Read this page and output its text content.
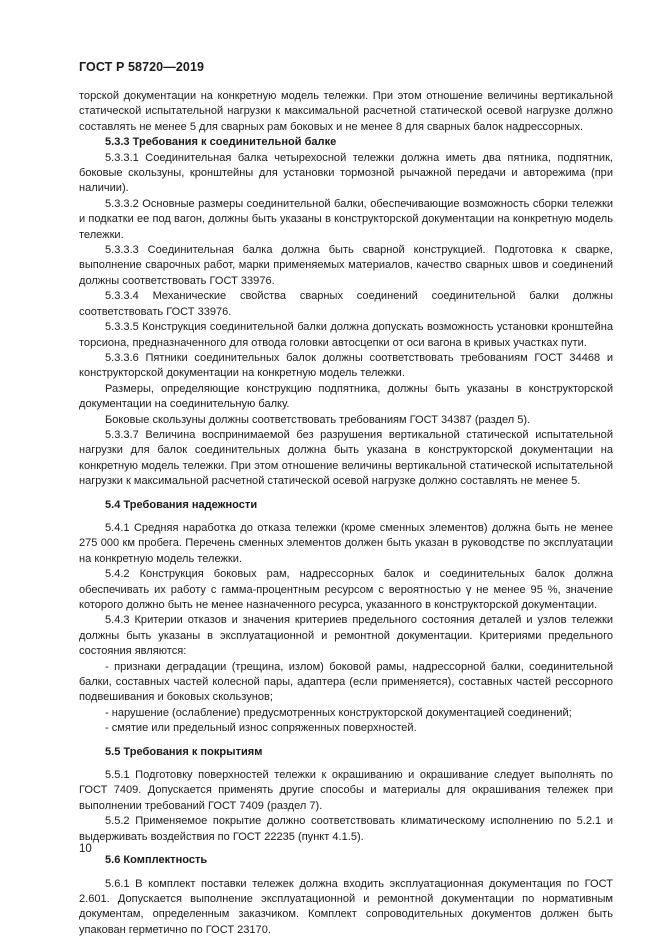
ГОСТ Р 58720—2019

торской документации на конкретную модель тележки. При этом отношение величины вертикальной статической испытательной нагрузки к максимальной расчетной статической осевой нагрузке должно составлять не менее 5 для сварных рам боковых и не менее 8 для сварных балок надрессорных.

5.3.3 Требования к соединительной балке

5.3.3.1 Соединительная балка четырехосной тележки должна иметь два пятника, подпятник, боковые скользуны, кронштейны для установки тормозной рычажной передачи и авторежима (при наличии).

5.3.3.2 Основные размеры соединительной балки, обеспечивающие возможность сборки тележки и подкатки ее под вагон, должны быть указаны в конструкторской документации на конкретную модель тележки.

5.3.3.3 Соединительная балка должна быть сварной конструкцией. Подготовка к сварке, выполнение сварочных работ, марки применяемых материалов, качество сварных швов и соединений должны соответствовать ГОСТ 33976.

5.3.3.4 Механические свойства сварных соединений соединительной балки должны соответствовать ГОСТ 33976.

5.3.3.5 Конструкция соединительной балки должна допускать возможность установки кронштейна торсиона, предназначенного для отвода головки автосцепки от оси вагона в кривых участках пути.

5.3.3.6 Пятники соединительных балок должны соответствовать требованиям ГОСТ 34468 и конструкторской документации на конкретную модель тележки.

Размеры, определяющие конструкцию подпятника, должны быть указаны в конструкторской документации на соединительную балку.

Боковые скользуны должны соответствовать требованиям ГОСТ 34387 (раздел 5).

5.3.3.7 Величина воспринимаемой без разрушения вертикальной статической испытательной нагрузки для балок соединительных должна быть указана в конструкторской документации на конкретную модель тележки. При этом отношение величины вертикальной статической испытательной нагрузки к максимальной расчетной статической осевой нагрузке должно составлять не менее 5.

5.4 Требования надежности

5.4.1 Средняя наработка до отказа тележки (кроме сменных элементов) должна быть не менее 275 000 км пробега. Перечень сменных элементов должен быть указан в руководстве по эксплуатации на конкретную модель тележки.

5.4.2 Конструкция боковых рам, надрессорных балок и соединительных балок должна обеспечивать их работу с гамма-процентным ресурсом с вероятностью γ не менее 95 %, значение которого должно быть не менее назначенного ресурса, указанного в конструкторской документации.

5.4.3 Критерии отказов и значения критериев предельного состояния деталей и узлов тележки должны быть указаны в эксплуатационной и ремонтной документации. Критериями предельного состояния являются:

- признаки деградации (трещина, излом) боковой рамы, надрессорной балки, соединительной балки, составных частей колесной пары, адаптера (если применяется), составных частей рессорного подвешивания и боковых скользунов;

- нарушение (ослабление) предусмотренных конструкторской документацией соединений;

- смятие или предельный износ сопряженных поверхностей.

5.5 Требования к покрытиям

5.5.1 Подготовку поверхностей тележки к окрашиванию и окрашивание следует выполнять по ГОСТ 7409. Допускается применять другие способы и материалы для окрашивания тележек при выполнении требований ГОСТ 7409 (раздел 7).

5.5.2 Применяемое покрытие должно соответствовать климатическому исполнению по 5.2.1 и выдерживать воздействия по ГОСТ 22235 (пункт 4.1.5).

5.6 Комплектность

5.6.1 В комплект поставки тележек должна входить эксплуатационная документация по ГОСТ 2.601. Допускается выполнение эксплуатационной и ремонтной документации по нормативным документам, определенным заказчиком. Комплект сопроводительных документов должен быть упакован герметично по ГОСТ 23170.

10
